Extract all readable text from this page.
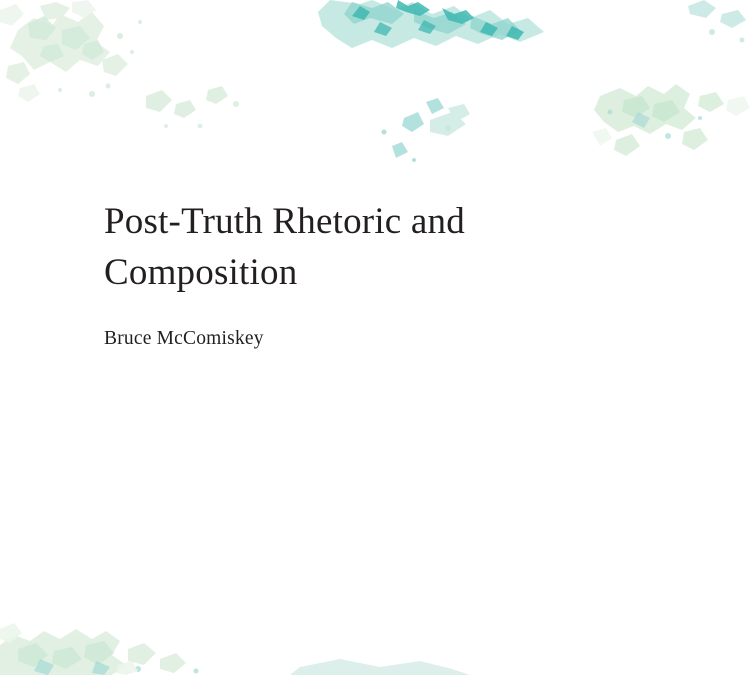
Post-Truth Rhetoric and
Composition

Bruce McComiskey
